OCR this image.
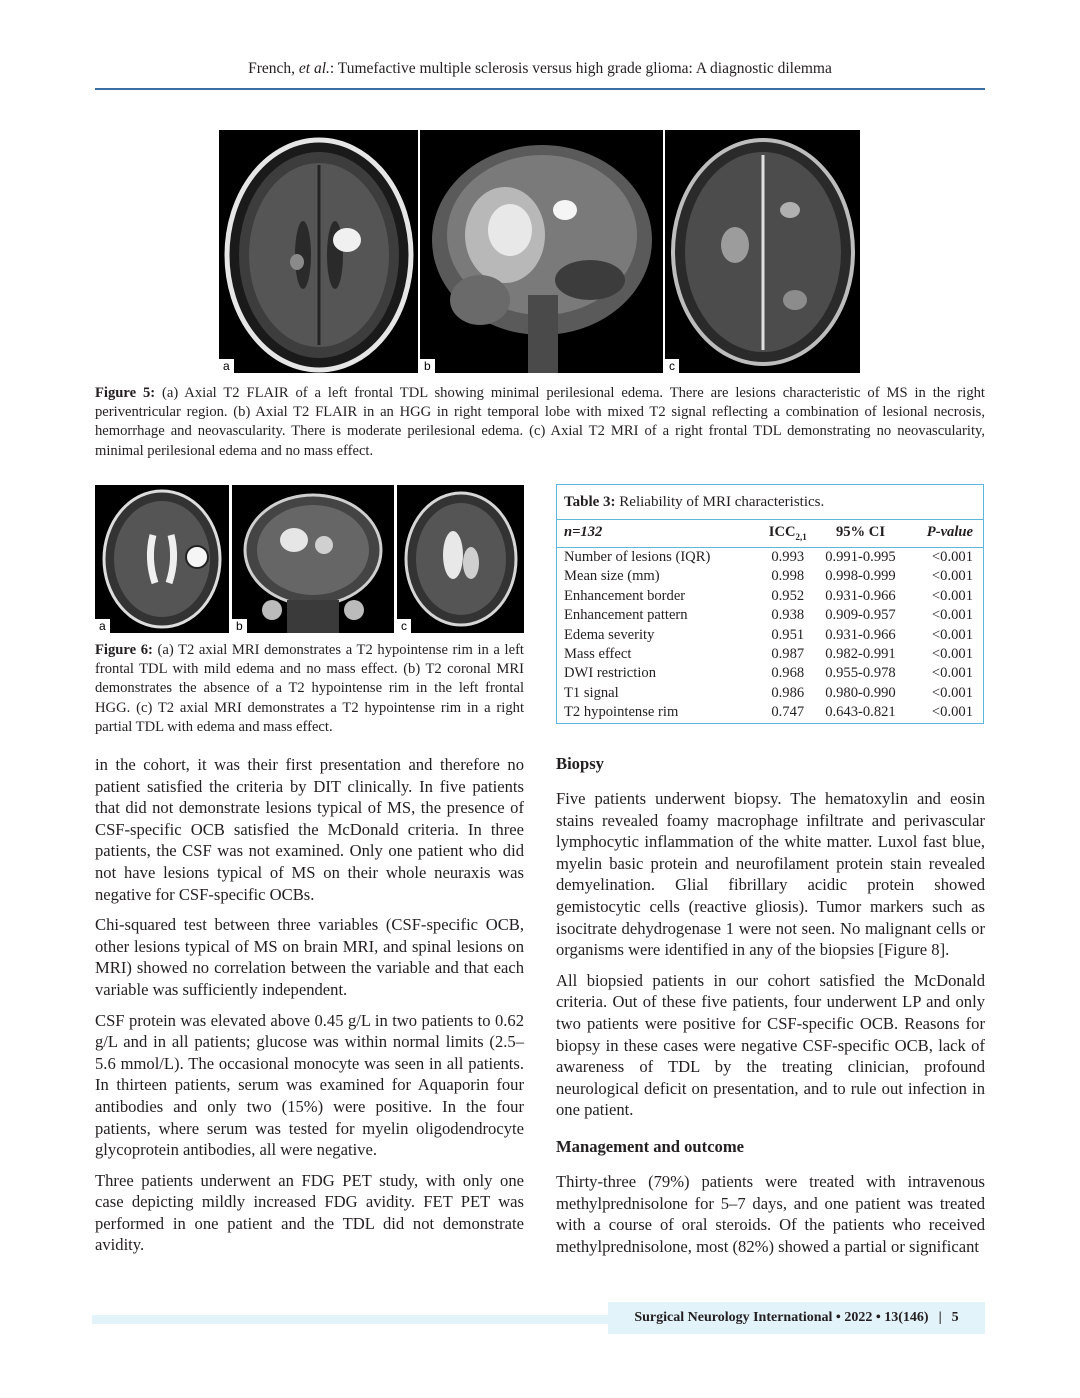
French, et al.: Tumefactive multiple sclerosis versus high grade glioma: A diagnostic dilemma
a	b	c
Figure 5: (a) Axial T2 FLAIR of a left frontal TDL showing minimal perilesional edema. There are lesions characteristic of MS in the right periventricular region. (b) Axial T2 FLAIR in an HGG in right temporal lobe with mixed T2 signal reflecting a combination of lesional necrosis, hemorrhage and neovascularity. There is moderate perilesional edema. (c) Axial T2 MRI of a right frontal TDL demonstrating no neovascularity, minimal perilesional edema and no mass effect.
a	b	c
Figure 6: (a) T2 axial MRI demonstrates a T2 hypointense rim in a left frontal TDL with mild edema and no mass effect. (b) T2 coronal MRI demonstrates the absence of a T2 hypointense rim in the left frontal HGG. (c) T2 axial MRI demonstrates a T2 hypointense rim in a right partial TDL with edema and mass effect.
Table 3: Reliability of MRI characteristics.
n=132	$ICC_{2,1}$	95% CI	P-value

Number of lesions (IQR)	0.993	0.991-0.995	<0.001
Mean size (mm)	0.998	0.998-0.999	<0.001
Enhancement border	0.952	0.931-0.966	<0.001
Enhancement pattern	0.938	0.909-0.957	<0.001
Edema severity	0.951	0.931-0.966	<0.001
Mass effect	0.987	0.982-0.991	<0.001
DWI restriction	0.968	0.955-0.978	<0.001
T1 signal	0.986	0.980-0.990	<0.001
T2 hypointense rim	0.747	0.643-0.821	<0.001

in the cohort, it was their first presentation and therefore no patient satisfied the criteria by DIT clinically. In five patients that did not demonstrate lesions typical of MS, the presence of CSF-specific OCB satisfied the McDonald criteria. In three patients, the CSF was not examined. Only one patient who did not have lesions typical of MS on their whole neuraxis was negative for CSF-specific OCBs.

Chi-squared test between three variables (CSF-specific OCB, other lesions typical of MS on brain MRI, and spinal lesions on MRI) showed no correlation between the variable and that each variable was sufficiently independent.

CSF protein was elevated above 0.45 g/L in two patients to 0.62 g/L and in all patients; glucose was within normal limits (2.5–5.6 mmol/L). The occasional monocyte was seen in all patients. In thirteen patients, serum was examined for Aquaporin four antibodies and only two (15%) were positive. In the four patients, where serum was tested for myelin oligodendrocyte glycoprotein antibodies, all were negative.

Three patients underwent an FDG PET study, with only one case depicting mildly increased FDG avidity. FET PET was performed in one patient and the TDL did not demonstrate avidity.

Biopsy

Five patients underwent biopsy. The hematoxylin and eosin stains revealed foamy macrophage infiltrate and perivascular lymphocytic inflammation of the white matter. Luxol fast blue, myelin basic protein and neurofilament protein stain revealed demyelination. Glial fibrillary acidic protein showed gemistocytic cells (reactive gliosis). Tumor markers such as isocitrate dehydrogenase 1 were not seen. No malignant cells or organisms were identified in any of the biopsies [Figure 8].

All biopsied patients in our cohort satisfied the McDonald criteria. Out of these five patients, four underwent LP and only two patients were positive for CSF-specific OCB. Reasons for biopsy in these cases were negative CSF-specific OCB, lack of awareness of TDL by the treating clinician, profound neurological deficit on presentation, and to rule out infection in one patient.

Management and outcome

Thirty-three (79%) patients were treated with intravenous methylprednisolone for 5–7 days, and one patient was treated with a course of oral steroids. Of the patients who received methylprednisolone, most (82%) showed a partial or significant

Surgical Neurology International • 2022 • 13(146) | 5
